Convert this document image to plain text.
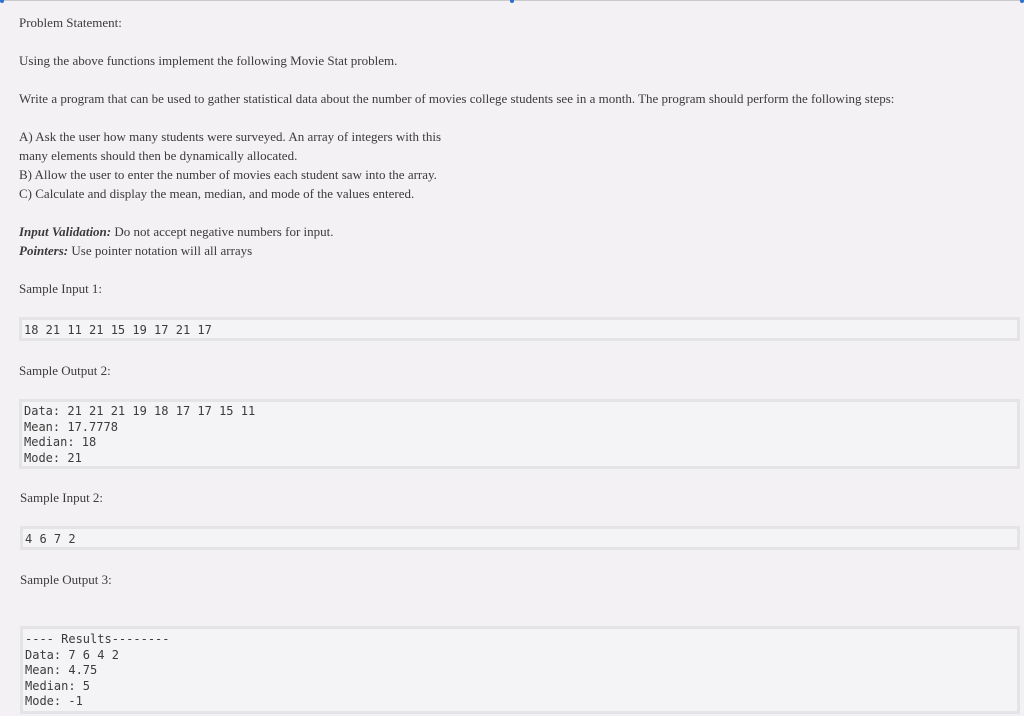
Problem Statement:

Using the above functions implement the following Movie Stat problem.

Write a program that can be used to gather statistical data about the number of movies college students see in a month. The program should perform the following steps:

A) Ask the user how many students were surveyed. An array of integers with this

many elements should then be dynamically allocated.

B) Allow the user to enter the number of movies each student saw into the array.

C) Calculate and display the mean, median, and mode of the values entered.

Input Validation: Do not accept negative numbers for input.

Pointers: Use pointer notation will all arrays

Sample Input 1:

18 21 11 21 15 19 17 21 17

Sample Output 2:

Data: 21 21 21 19 18 17 17 15 11
Mean: 17.7778
Median: 18
Mode: 21

Sample Input 2:

4 6 7 2

Sample Output 3:

---- Results--------
Data: 7 6 4 2
Mean: 4.75
Median: 5
Mode: -1
